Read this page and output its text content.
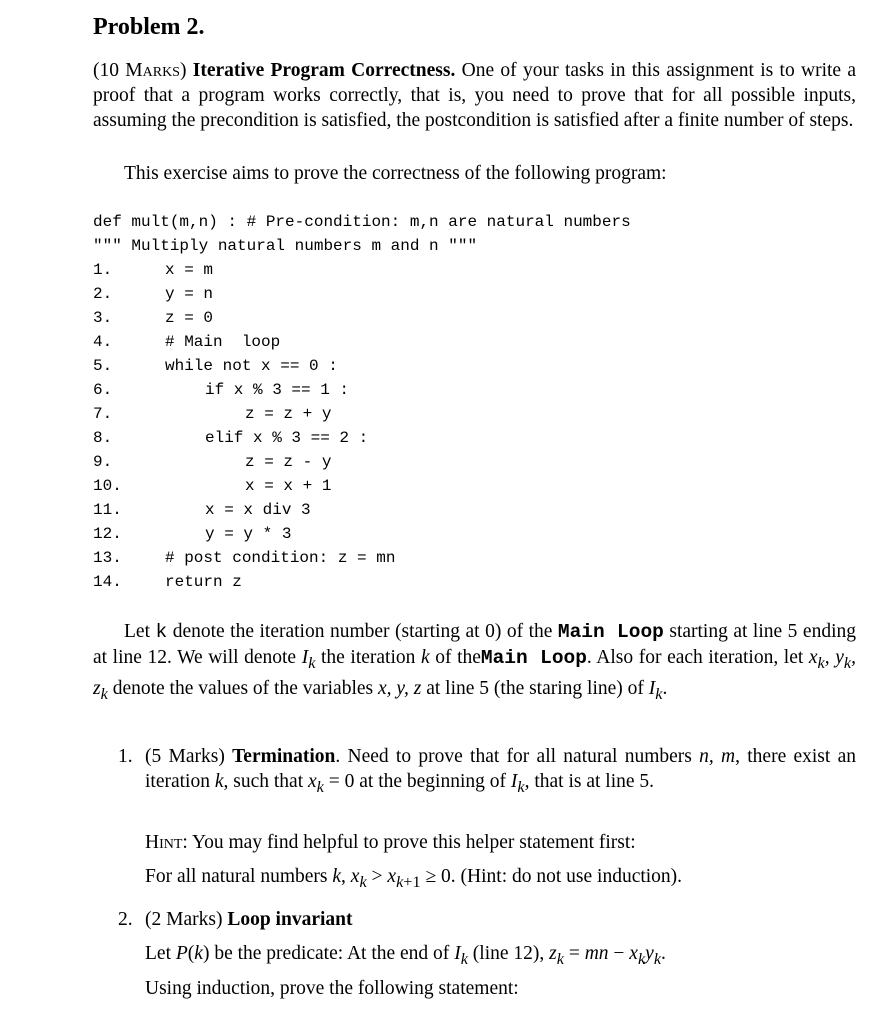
Problem 2.
(10 Marks) Iterative Program Correctness. One of your tasks in this assignment is to write a proof that a program works correctly, that is, you need to prove that for all possible inputs, assuming the precondition is satisfied, the postcondition is satisfied after a finite number of steps.
This exercise aims to prove the correctness of the following program:
def mult(m,n) : # Pre-condition: m,n are natural numbers
""" Multiply natural numbers m and n """
1.	x = m
2.	y = n
3.	z = 0
4.	# Main  loop
5.	while not x == 0 :
6.	if x % 3 == 1 :
7.	z = z + y
8.	elif x % 3 == 2 :
9.	z = z - y
10.	x = x + 1
11.	x = x div 3
12.	y = y * 3
13.	# post condition: z = mn
14.	return z
Let k denote the iteration number (starting at 0) of the Main Loop starting at line 5 ending at line 12. We will denote $I_k$ the iteration k of theMain Loop. Also for each iteration, let $x_k$, $y_k$, $z_k$ denote the values of the variables x, y, z at line 5 (the staring line) of $I_k$.
1. (5 Marks) Termination. Need to prove that for all natural numbers n, m, there exist an iteration k, such that $x_k = 0$ at the beginning of $I_k$, that is at line 5.
Hint: You may find helpful to prove this helper statement first:
For all natural numbers k, $x_k > x_{k+1} \ge 0$. (Hint: do not use induction).
2. (2 Marks) Loop invariant
Let P(k) be the predicate: At the end of $I_k$ (line 12), $z_k$ = mn − $x_ky_k$.
Using induction, prove the following statement:
